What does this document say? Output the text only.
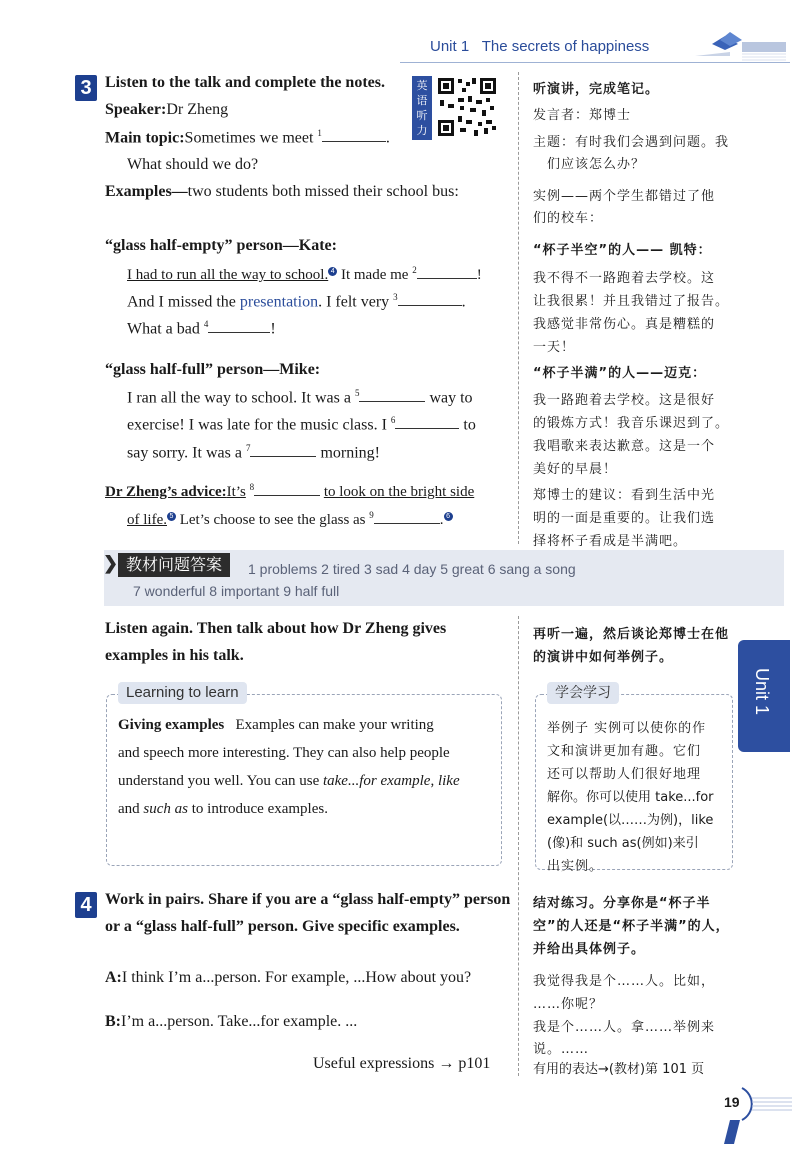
Unit 1 The secrets of happiness
3 Listen to the talk and complete the notes.	英语听力
Speaker:Dr Zheng
Main topic:Sometimes we meet $^1$	.
What should we do?
Examples—two students both missed their school bus:
“glass half-empty” person—Kate:
I had to run all the way to school. 4 It made me $^2$	!
And I missed the presentation. I felt very $^3$	.
What a bad $^4$	!
“glass half-full” person—Mike:
I ran all the way to school. It was a $^5$	way to
exercise! I was late for the music class. I $^6$	to
say sorry. It was a $^7$	morning!
Dr Zheng’s advice:It’s $^8$	to look on the bright side
of life. 5 Let’s choose to see the glass as $^9$	. 6
听演讲，完成笔记。
发言者：郑博士
主题：有时我们会遇到问题。我
们应该怎么办？
实例——两个学生都错过了他
们的校车：
“杯子半空”的人—— 凯特：
我不得不一路跑着去学校。这
让我很累！并且我错过了报告。
我感觉非常伤心。真是糟糕的
一天！
“杯子半满”的人——迈克：
我一路跑着去学校。这是很好
的锻炼方式！我音乐课迟到了。
我唱歌来表达歉意。这是一个
美好的早晨！
郑博士的建议：看到生活中光
明的一面是重要的。让我们选
择将杯子看成是半满吧。
❯ 教材问题答案	1 problems 2 tired 3 sad 4 day 5 great 6 sang a song
7 wonderful 8 important 9 half full
Listen again. Then talk about how Dr Zheng gives
examples in his talk.
再听一遍，然后谈论郑博士在他
的演讲中如何举例子。
Learning to learn
Giving examples Examples can make your writing
and speech more interesting. They can also help people
understand you well. You can use take...for example, like
and such as to introduce examples.
学会学习
举例子 实例可以使你的作
文和演讲更加有趣。它们
还可以帮助人们很好地理
解你。你可以使用 take...for
example(以……为例)，like
(像)和 such as(例如)来引
出实例。
Unit 1
4 Work in pairs. Share if you are a “glass half-empty” person
or a “glass half-full” person. Give specific examples.
A:I think I’m a...person. For example, ...How about you?
B:I’m a...person. Take...for example. ...
Useful expressions → p101
结对练习。分享你是“杯子半
空”的人还是“杯子半满”的人，
并给出具体例子。
我觉得我是个……人。比如，
……你呢？
我是个……人。拿……举例来
说。……
有用的表达→(教材)第 101 页
19
